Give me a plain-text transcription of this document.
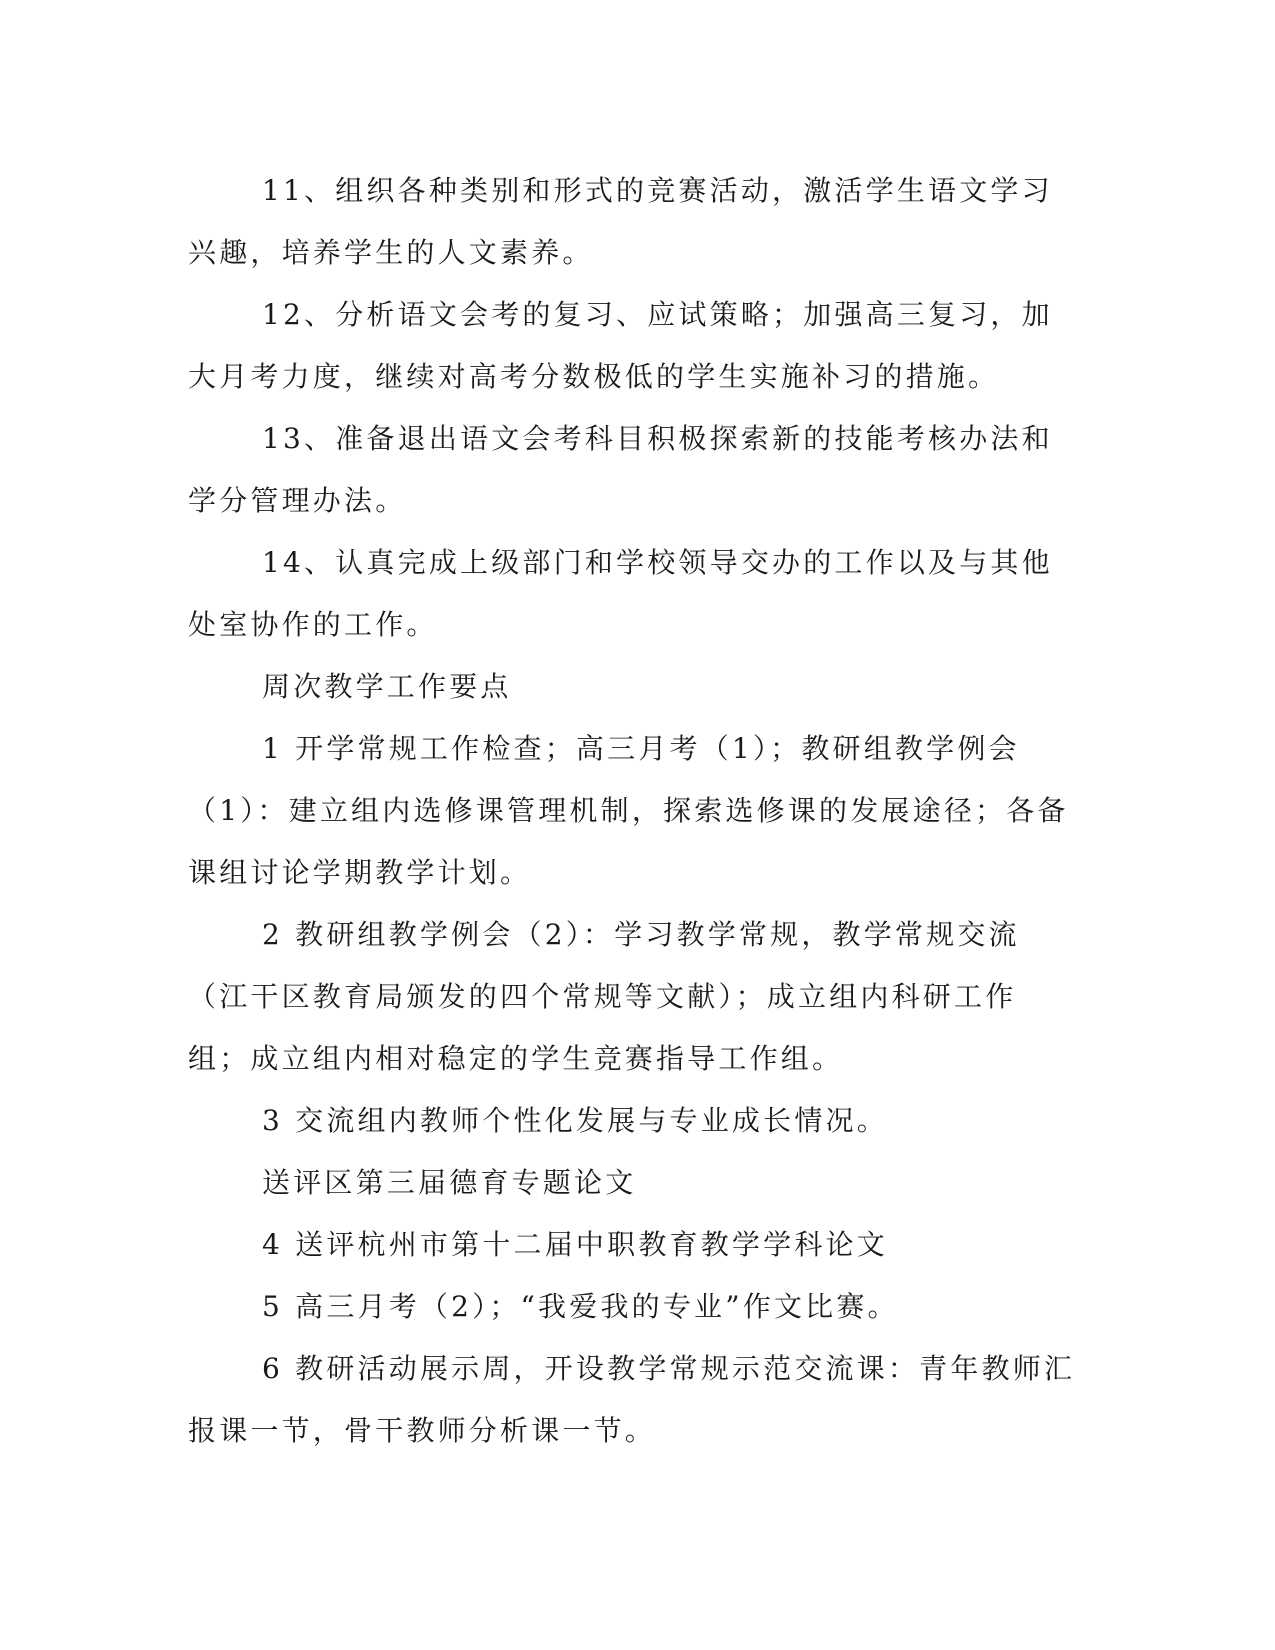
11、组织各种类别和形式的竞赛活动，激活学生语文学习兴趣，培养学生的人文素养。

12、分析语文会考的复习、应试策略；加强高三复习，加大月考力度，继续对高考分数极低的学生实施补习的措施。

13、准备退出语文会考科目积极探索新的技能考核办法和学分管理办法。

14、认真完成上级部门和学校领导交办的工作以及与其他处室协作的工作。

周次教学工作要点

1 开学常规工作检查；高三月考（1）；教研组教学例会（1）：建立组内选修课管理机制，探索选修课的发展途径；各备课组讨论学期教学计划。

2 教研组教学例会（2）：学习教学常规，教学常规交流（江干区教育局颁发的四个常规等文献）；成立组内科研工作组；成立组内相对稳定的学生竞赛指导工作组。

3 交流组内教师个性化发展与专业成长情况。

送评区第三届德育专题论文

4 送评杭州市第十二届中职教育教学学科论文

5 高三月考（2）；“我爱我的专业”作文比赛。

6 教研活动展示周，开设教学常规示范交流课：青年教师汇报课一节，骨干教师分析课一节。
